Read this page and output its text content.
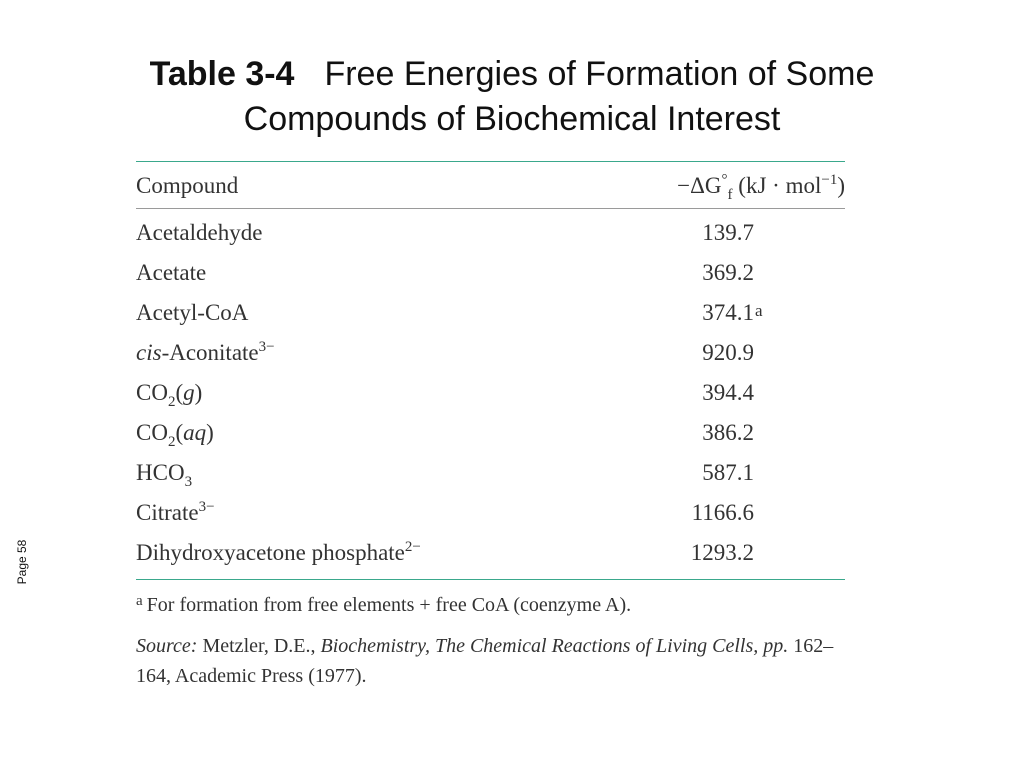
Table 3-4 Free Energies of Formation of Some
Compounds of Biochemical Interest
Page 58
Compound	$-\Delta G^\circ_f$ (kJ · mol$^{-1}$)
Acetaldehyde	139.7
Acetate	369.2
Acetyl-CoA	374.1 a
cis-Aconitate$^{3-}$	920.9
$CO_2(g)$	394.4
$CO_2(aq)$	386.2
$HCO_3$	587.1
Citrate$^{3-}$	1166.6
Dihydroxyacetone phosphate$^{2-}$	1293.2
$^a$ For formation from free elements + free CoA (coenzyme A).
Source: Metzler, D.E., Biochemistry, The Chemical Reactions of Living Cells, pp. 162–164, Academic Press (1977).
